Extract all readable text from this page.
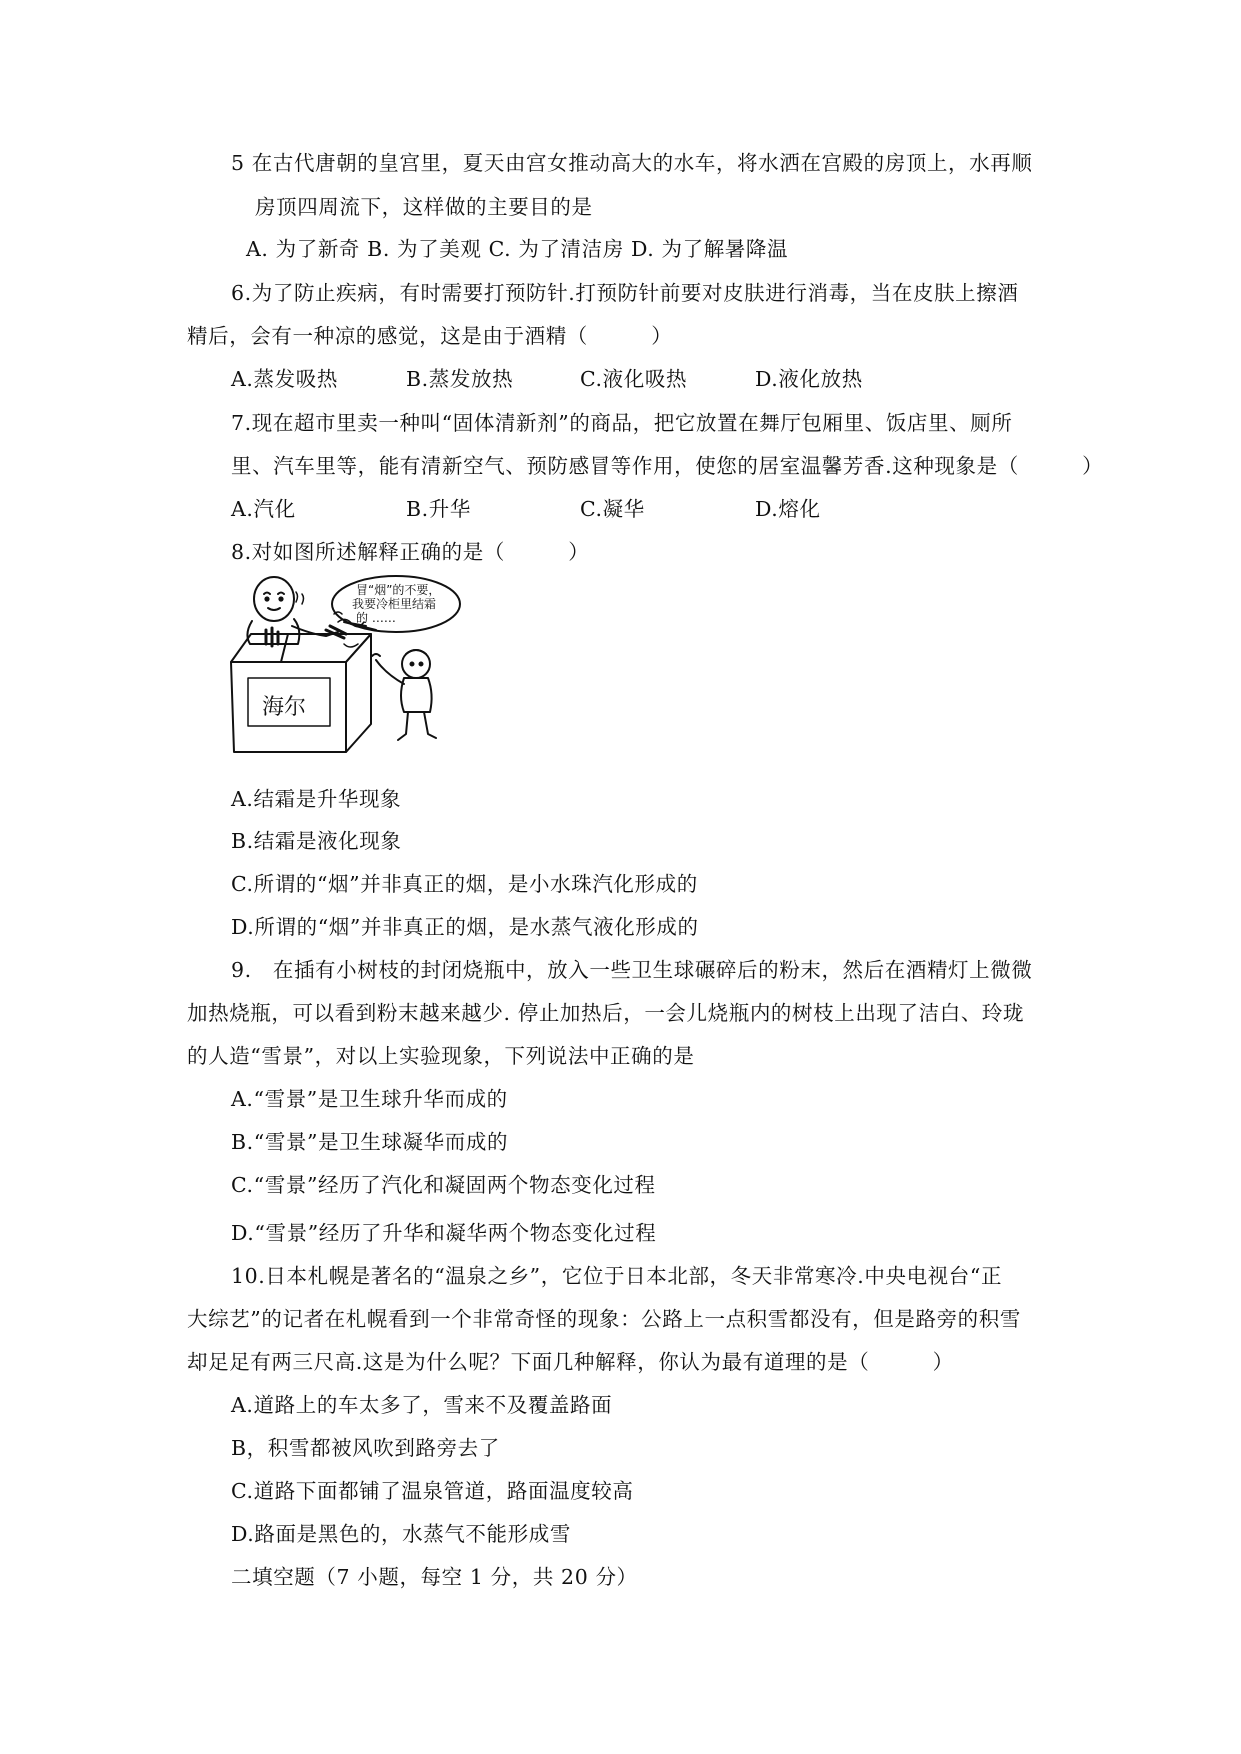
5 在古代唐朝的皇宫里，夏天由宫女推动高大的水车，将水洒在宫殿的房顶上，水再顺
房顶四周流下，这样做的主要目的是
A. 为了新奇 B. 为了美观 C. 为了清洁房 D. 为了解暑降温
6.为了防止疾病，有时需要打预防针.打预防针前要对皮肤进行消毒，当在皮肤上擦酒
精后，会有一种凉的感觉，这是由于酒精（　　　）
A.蒸发吸热	B.蒸发放热	C.液化吸热	D.液化放热
7.现在超市里卖一种叫“固体清新剂”的商品，把它放置在舞厅包厢里、饭店里、厕所
里、汽车里等，能有清新空气、预防感冒等作用，使您的居室温馨芳香.这种现象是（　　　）
A.汽化	B.升华	C.凝华	D.熔化
8.对如图所述解释正确的是（　　　）
冒“烟”的不要，
我要冷柜里结霜
的 ……
海尔
A.结霜是升华现象
B.结霜是液化现象
C.所谓的“烟”并非真正的烟，是小水珠汽化形成的
D.所谓的“烟”并非真正的烟，是水蒸气液化形成的
9.　在插有小树枝的封闭烧瓶中，放入一些卫生球碾碎后的粉末，然后在酒精灯上微微
加热烧瓶，可以看到粉末越来越少. 停止加热后，一会儿烧瓶内的树枝上出现了洁白、玲珑
的人造“雪景”，对以上实验现象，下列说法中正确的是
A.“雪景”是卫生球升华而成的
B.“雪景”是卫生球凝华而成的
C.“雪景”经历了汽化和凝固两个物态变化过程
D.“雪景”经历了升华和凝华两个物态变化过程
10.日本札幌是著名的“温泉之乡”，它位于日本北部，冬天非常寒冷.中央电视台“正
大综艺”的记者在札幌看到一个非常奇怪的现象：公路上一点积雪都没有，但是路旁的积雪
却足足有两三尺高.这是为什么呢？下面几种解释，你认为最有道理的是（　　　）
A.道路上的车太多了，雪来不及覆盖路面
B，积雪都被风吹到路旁去了
C.道路下面都铺了温泉管道，路面温度较高
D.路面是黑色的，水蒸气不能形成雪
二填空题（7 小题，每空 1 分，共 20 分）
